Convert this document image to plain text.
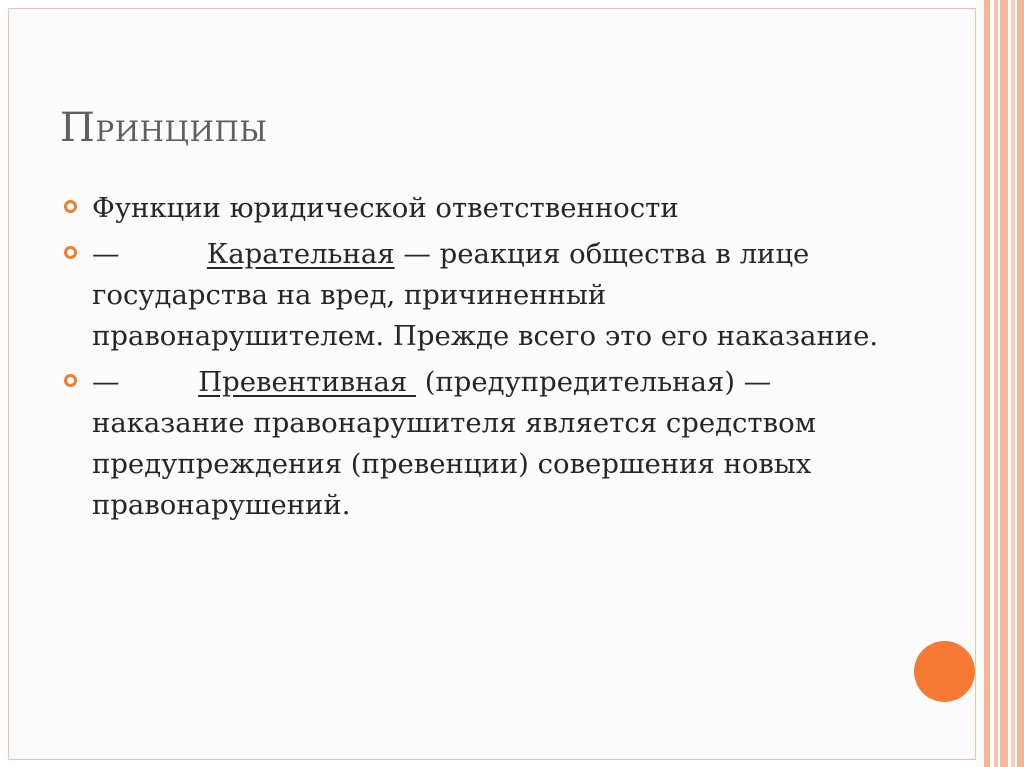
Принципы
Функции юридической ответственности
—	Карательная — реакция общества в лице государства на вред, причиненный правонарушителем. Прежде всего это его наказание.
—	Превентивная  (предупредительная) — наказание правонарушителя является средством предупреждения (превенции) совершения новых правонарушений.
